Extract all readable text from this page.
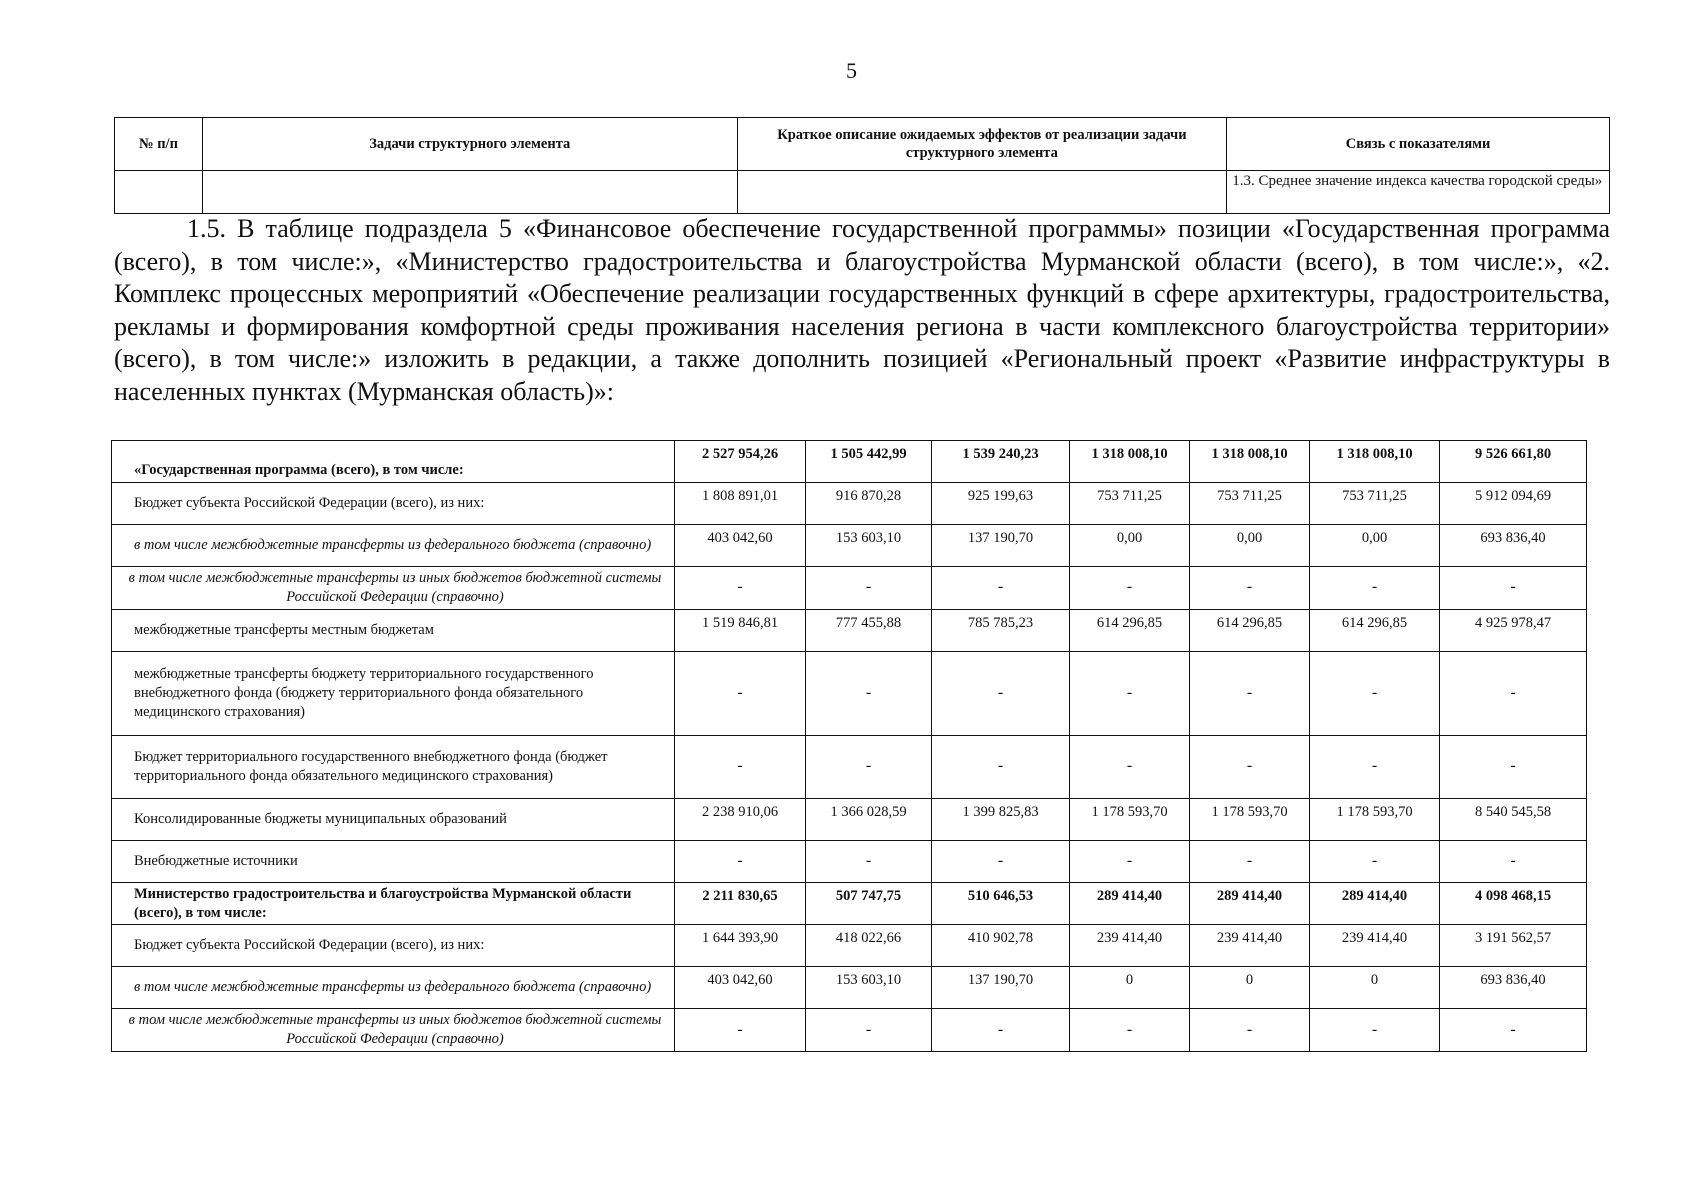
5
№ п/п	Задачи структурного элемента	Краткое описание ожидаемых эффектов от реализации задачи структурного элемента	Связь с показателями
			1.3. Среднее значение индекса качества городской среды»

1.5. В таблице подраздела 5 «Финансовое обеспечение государственной программы» позиции «Государственная программа (всего), в том числе:», «Министерство градостроительства и благоустройства Мурманской области (всего), в том числе:», «2. Комплекс процессных мероприятий «Обеспечение реализации государственных функций в сфере архитектуры, градостроительства, рекламы и формирования комфортной среды проживания населения региона в части комплексного благоустройства территории» (всего), в том числе:» изложить в редакции, а также дополнить позицией «Региональный проект «Развитие инфраструктуры в населенных пунктах (Мурманская область)»:

«Государственная программа (всего), в том числе:	2 527 954,26	1 505 442,99	1 539 240,23	1 318 008,10	1 318 008,10	1 318 008,10	9 526 661,80
Бюджет субъекта Российской Федерации (всего), из них:	1 808 891,01	916 870,28	925 199,63	753 711,25	753 711,25	753 711,25	5 912 094,69
в том числе межбюджетные трансферты из федерального бюджета (справочно)	403 042,60	153 603,10	137 190,70	0,00	0,00	0,00	693 836,40
в том числе межбюджетные трансферты из иных бюджетов бюджетной системы Российской Федерации (справочно)	-	-	-	-	-	-	-
межбюджетные трансферты местным бюджетам	1 519 846,81	777 455,88	785 785,23	614 296,85	614 296,85	614 296,85	4 925 978,47
межбюджетные трансферты бюджету территориального государственного внебюджетного фонда (бюджету территориального фонда обязательного медицинского страхования)	-	-	-	-	-	-	-
Бюджет территориального государственного внебюджетного фонда (бюджет территориального фонда обязательного медицинского страхования)	-	-	-	-	-	-	-
Консолидированные бюджеты муниципальных образований	2 238 910,06	1 366 028,59	1 399 825,83	1 178 593,70	1 178 593,70	1 178 593,70	8 540 545,58
Внебюджетные источники	-	-	-	-	-	-	-
Министерство градостроительства и благоустройства Мурманской области (всего), в том числе:	2 211 830,65	507 747,75	510 646,53	289 414,40	289 414,40	289 414,40	4 098 468,15
Бюджет субъекта Российской Федерации (всего), из них:	1 644 393,90	418 022,66	410 902,78	239 414,40	239 414,40	239 414,40	3 191 562,57
в том числе межбюджетные трансферты из федерального бюджета (справочно)	403 042,60	153 603,10	137 190,70	0	0	0	693 836,40
в том числе межбюджетные трансферты из иных бюджетов бюджетной системы Российской Федерации (справочно)	-	-	-	-	-	-	-
